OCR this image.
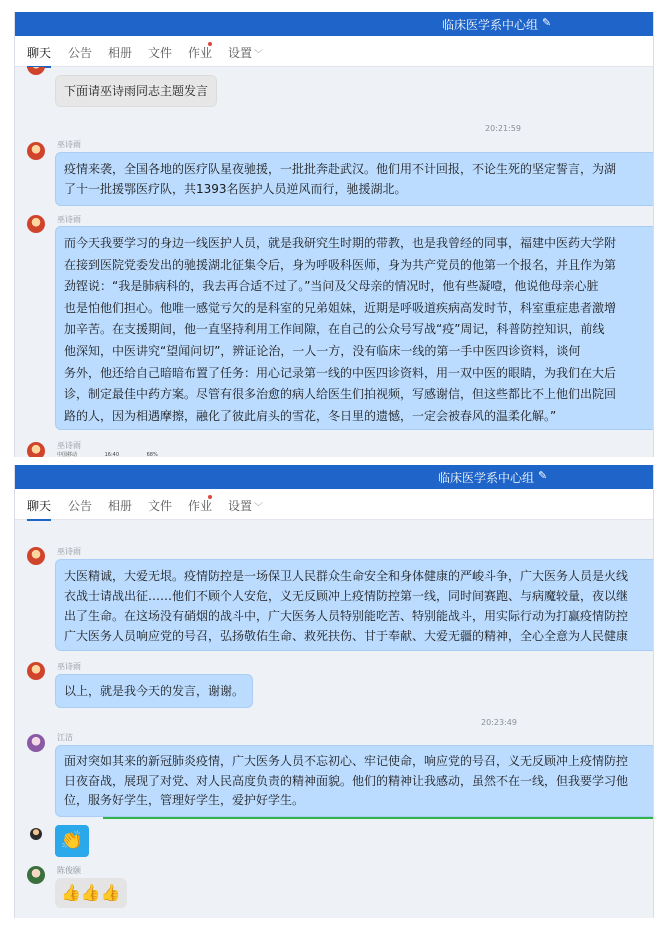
临床医学系中心组 ✎
聊天 公告 相册 文件 作业 设置 ﹀
下面请巫诗雨同志主题发言
20:21:59
巫诗雨
疫情来袭，全国各地的医疗队星夜驰援，一批批奔赴武汉。他们用不计回报，不论生死的坚定誓言，为湖
了十一批援鄂医疗队，共1393名医护人员逆风而行，驰援湖北。
巫诗雨
而今天我要学习的身边一线医护人员，就是我研究生时期的带教，也是我曾经的同事，福建中医药大学附
在接到医院党委发出的驰援湖北征集令后，身为呼吸科医师，身为共产党员的他第一个报名，并且作为第
劲铿说：“我是肺病科的，我去再合适不过了。”当问及父母亲的情况时，他有些凝噎，他说他母亲心脏
也是怕他们担心。他唯一感觉亏欠的是科室的兄弟姐妹，近期是呼吸道疾病高发时节，科室重症患者激增
加辛苦。在支援期间，他一直坚持利用工作间隙，在自己的公众号写战“疫”周记，科普防控知识，前线
他深知，中医讲究“望闻问切”，辨证论治，一人一方，没有临床一线的第一手中医四诊资料，谈何
务外，他还给自己暗暗布置了任务：用心记录第一线的中医四诊资料，用一双中医的眼睛，为我们在大后
诊，制定最佳中药方案。尽管有很多治愈的病人给医生们拍视频，写感谢信，但这些都比不上他们出院回
路的人，因为相遇摩擦，融化了彼此肩头的雪花，冬日里的遗憾，一定会被春风的温柔化解。”
巫诗雨
中国移动	16:40	68%
临床医学系中心组 ✎
聊天 公告 相册 文件 作业 设置 ﹀
巫诗雨
大医精诚，大爱无垠。疫情防控是一场保卫人民群众生命安全和身体健康的严峻斗争，广大医务人员是火线
衣战士请战出征……他们不顾个人安危，义无反顾冲上疫情防控第一线，同时间赛跑、与病魔较量，夜以继
出了生命。在这场没有硝烟的战斗中，广大医务人员特别能吃苦、特别能战斗，用实际行动为打赢疫情防控
广大医务人员响应党的号召，弘扬敬佑生命、救死扶伤、甘于奉献、大爱无疆的精神，全心全意为人民健康
巫诗雨
以上，就是我今天的发言，谢谢。
20:23:49
江洁
面对突如其来的新冠肺炎疫情，广大医务人员不忘初心、牢记使命，响应党的号召，义无反顾冲上疫情防控
日夜奋战，展现了对党、对人民高度负责的精神面貌。他们的精神让我感动，虽然不在一线，但我要学习他
位，服务好学生，管理好学生，爱护好学生。
👏
陈俊颐
👍👍👍
